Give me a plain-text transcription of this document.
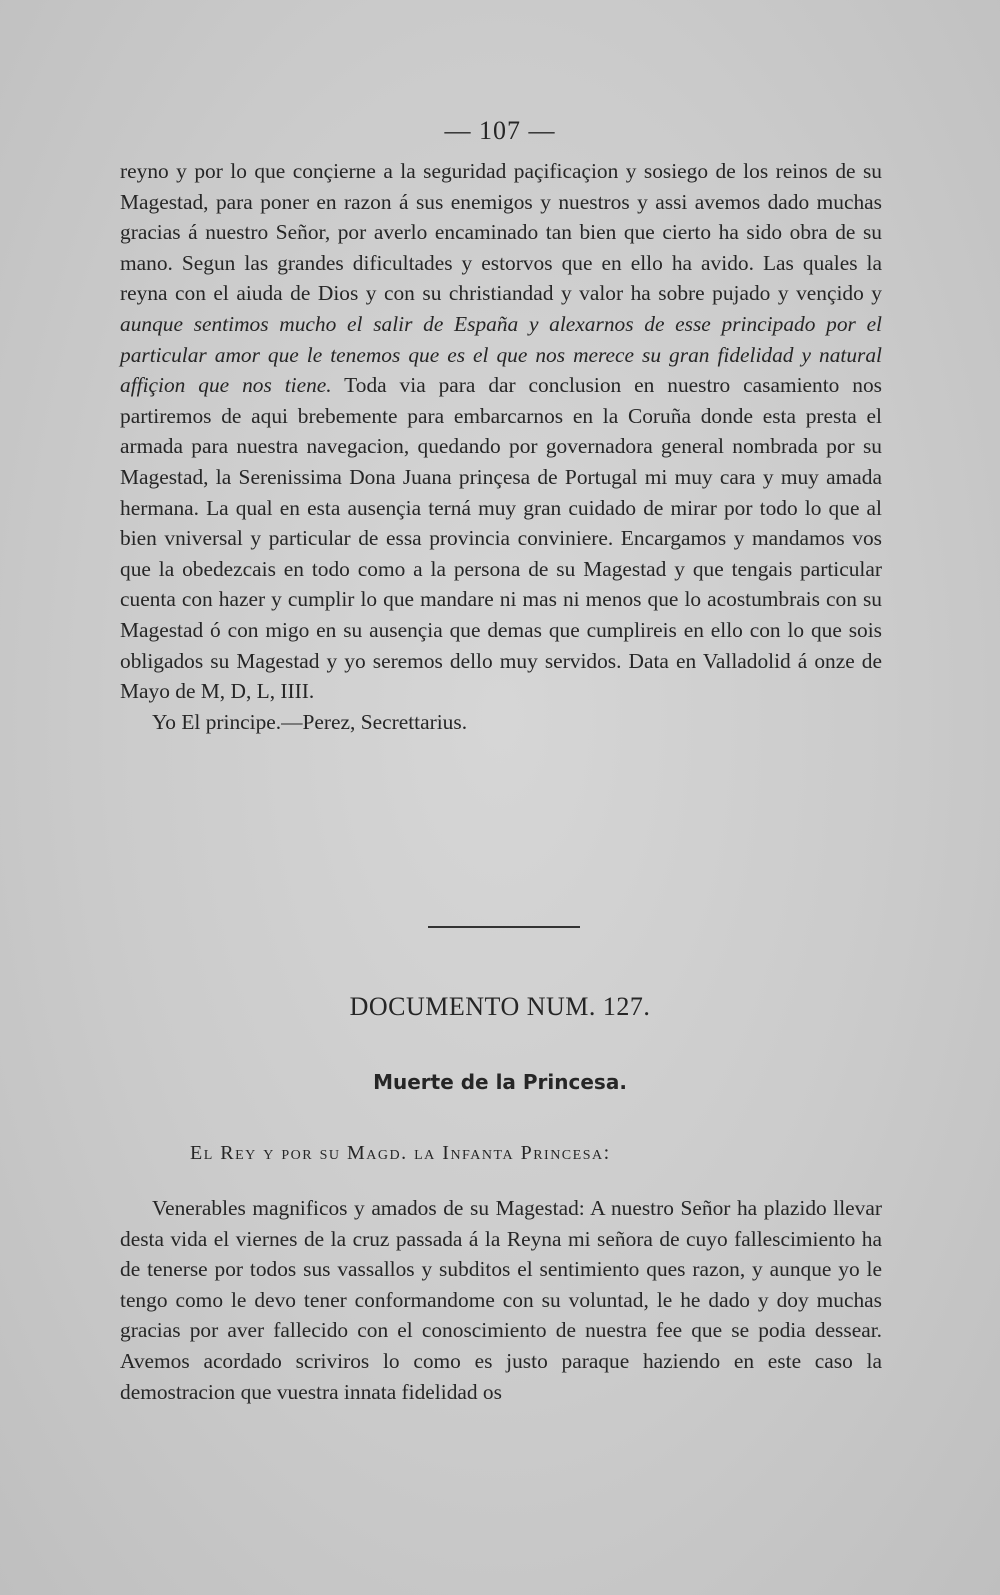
— 107 —

reyno y por lo que conçierne a la seguridad paçificaçion y sosiego de los reinos de su Magestad, para poner en razon á sus enemigos y nuestros y assi avemos dado muchas gracias á nuestro Señor, por averlo encaminado tan bien que cierto ha sido obra de su mano. Segun las grandes dificultades y estorvos que en ello ha avido. Las quales la reyna con el aiuda de Dios y con su christiandad y valor ha sobre pujado y vençido y aunque sentimos mucho el salir de España y alexarnos de esse principado por el particular amor que le tenemos que es el que nos merece su gran fidelidad y natural affiçion que nos tiene. Toda via para dar conclusion en nuestro casamiento nos partiremos de aqui brebemente para embarcarnos en la Coruña donde esta presta el armada para nuestra navegacion, quedando por governadora general nombrada por su Magestad, la Serenissima Dona Juana prinçesa de Portugal mi muy cara y muy amada hermana. La qual en esta ausençia terná muy gran cuidado de mirar por todo lo que al bien vniversal y particular de essa provincia conviniere. Encargamos y mandamos vos que la obedezcais en todo como a la persona de su Magestad y que tengais particular cuenta con hazer y cumplir lo que mandare ni mas ni menos que lo acostumbrais con su Magestad ó con migo en su ausençia que demas que cumplireis en ello con lo que sois obligados su Magestad y yo seremos dello muy servidos. Data en Valladolid á onze de Mayo de M, D, L, IIII.

Yo El principe.—Perez, Secrettarius.

DOCUMENTO NUM. 127.
Muerte de la Princesa.
El Rey y por su Magd. la Infanta Princesa:

Venerables magnificos y amados de su Magestad: A nuestro Señor ha plazido llevar desta vida el viernes de la cruz passada á la Reyna mi señora de cuyo fallescimiento ha de tenerse por todos sus vassallos y subditos el sentimiento ques razon, y aunque yo le tengo como le devo tener conformandome con su voluntad, le he dado y doy muchas gracias por aver fallecido con el conoscimiento de nuestra fee que se podia dessear. Avemos acordado scriviros lo como es justo paraque haziendo en este caso la demostracion que vuestra innata fidelidad os
